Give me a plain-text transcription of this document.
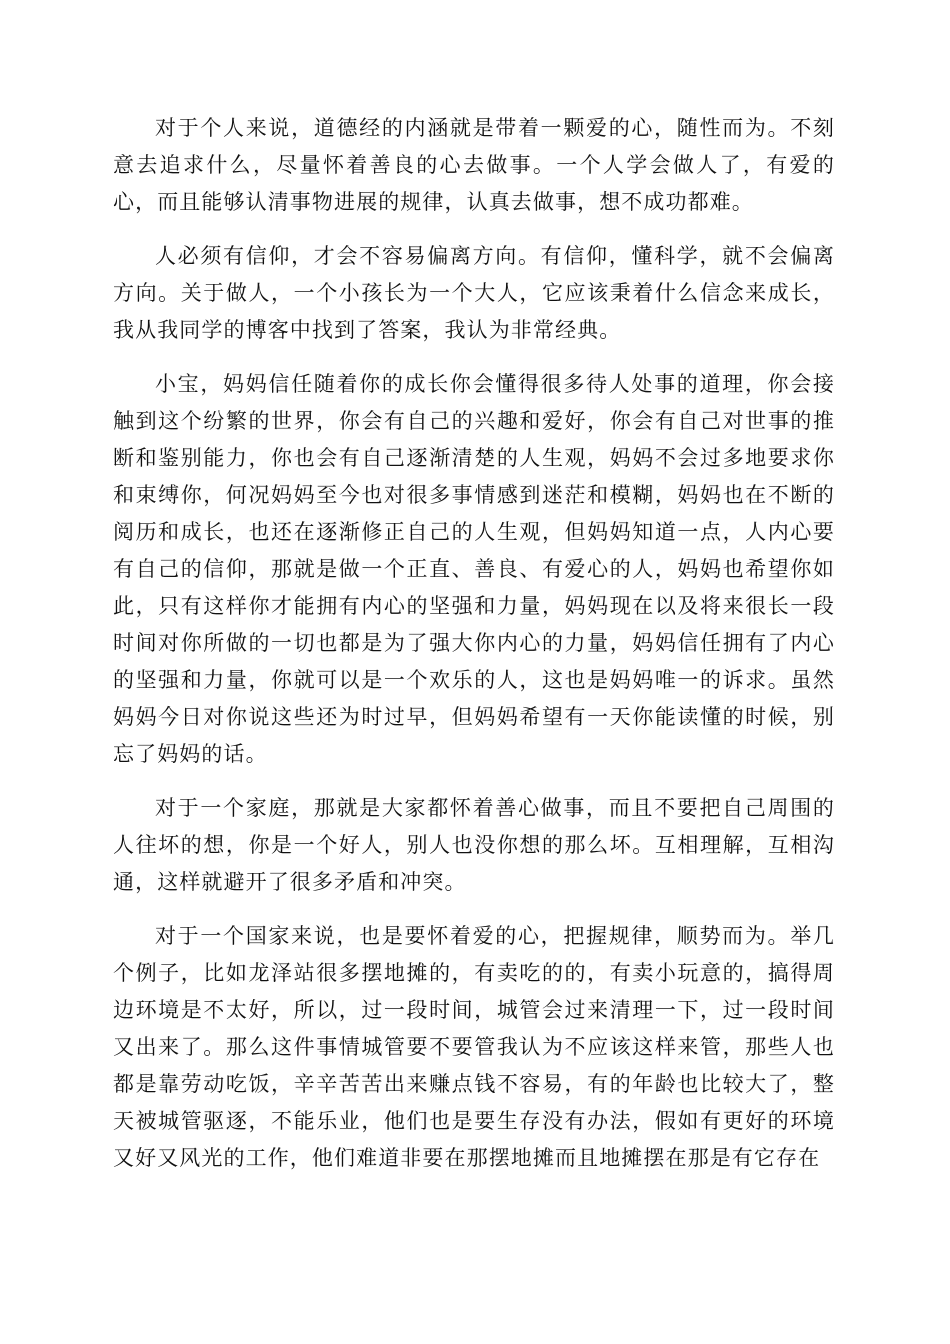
对于个人来说，道德经的内涵就是带着一颗爱的心，随性而为。不刻意去追求什么，尽量怀着善良的心去做事。一个人学会做人了，有爱的心，而且能够认清事物进展的规律，认真去做事，想不成功都难。

人必须有信仰，才会不容易偏离方向。有信仰，懂科学，就不会偏离方向。关于做人，一个小孩长为一个大人，它应该秉着什么信念来成长，我从我同学的博客中找到了答案，我认为非常经典。

小宝，妈妈信任随着你的成长你会懂得很多待人处事的道理，你会接触到这个纷繁的世界，你会有自己的兴趣和爱好，你会有自己对世事的推断和鉴别能力，你也会有自己逐渐清楚的人生观，妈妈不会过多地要求你和束缚你，何况妈妈至今也对很多事情感到迷茫和模糊，妈妈也在不断的阅历和成长，也还在逐渐修正自己的人生观，但妈妈知道一点，人内心要有自己的信仰，那就是做一个正直、善良、有爱心的人，妈妈也希望你如此，只有这样你才能拥有内心的坚强和力量，妈妈现在以及将来很长一段时间对你所做的一切也都是为了强大你内心的力量，妈妈信任拥有了内心的坚强和力量，你就可以是一个欢乐的人，这也是妈妈唯一的诉求。虽然妈妈今日对你说这些还为时过早，但妈妈希望有一天你能读懂的时候，别忘了妈妈的话。

对于一个家庭，那就是大家都怀着善心做事，而且不要把自己周围的人往坏的想，你是一个好人，别人也没你想的那么坏。互相理解，互相沟通，这样就避开了很多矛盾和冲突。

对于一个国家来说，也是要怀着爱的心，把握规律，顺势而为。举几个例子，比如龙泽站很多摆地摊的，有卖吃的的，有卖小玩意的，搞得周边环境是不太好，所以，过一段时间，城管会过来清理一下，过一段时间又出来了。那么这件事情城管要不要管我认为不应该这样来管，那些人也都是靠劳动吃饭，辛辛苦苦出来赚点钱不容易，有的年龄也比较大了，整天被城管驱逐，不能乐业，他们也是要生存没有办法，假如有更好的环境又好又风光的工作，他们难道非要在那摆地摊而且地摊摆在那是有它存在
